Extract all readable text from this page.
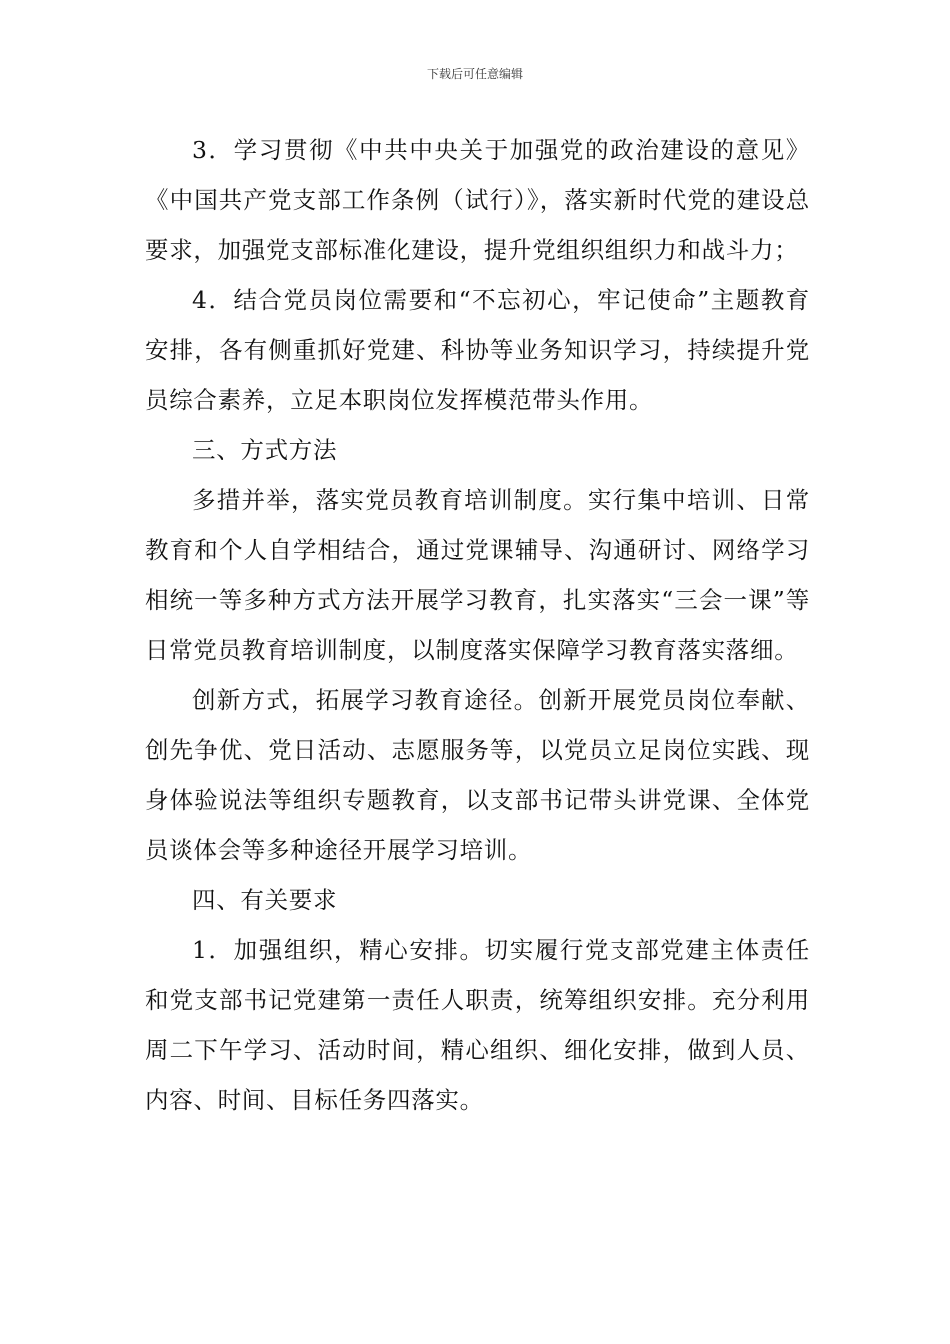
下载后可任意编辑

3．学习贯彻《中共中央关于加强党的政治建设的意见》《中国共产党支部工作条例（试行）》，落实新时代党的建设总要求，加强党支部标准化建设，提升党组织组织力和战斗力；

4．结合党员岗位需要和“不忘初心，牢记使命”主题教育安排，各有侧重抓好党建、科协等业务知识学习，持续提升党员综合素养，立足本职岗位发挥模范带头作用。

三、方式方法

多措并举，落实党员教育培训制度。实行集中培训、日常教育和个人自学相结合，通过党课辅导、沟通研讨、网络学习相统一等多种方式方法开展学习教育，扎实落实“三会一课”等日常党员教育培训制度，以制度落实保障学习教育落实落细。

创新方式，拓展学习教育途径。创新开展党员岗位奉献、创先争优、党日活动、志愿服务等，以党员立足岗位实践、现身体验说法等组织专题教育，以支部书记带头讲党课、全体党员谈体会等多种途径开展学习培训。

四、有关要求

1．加强组织，精心安排。切实履行党支部党建主体责任和党支部书记党建第一责任人职责，统筹组织安排。充分利用周二下午学习、活动时间，精心组织、细化安排，做到人员、内容、时间、目标任务四落实。
